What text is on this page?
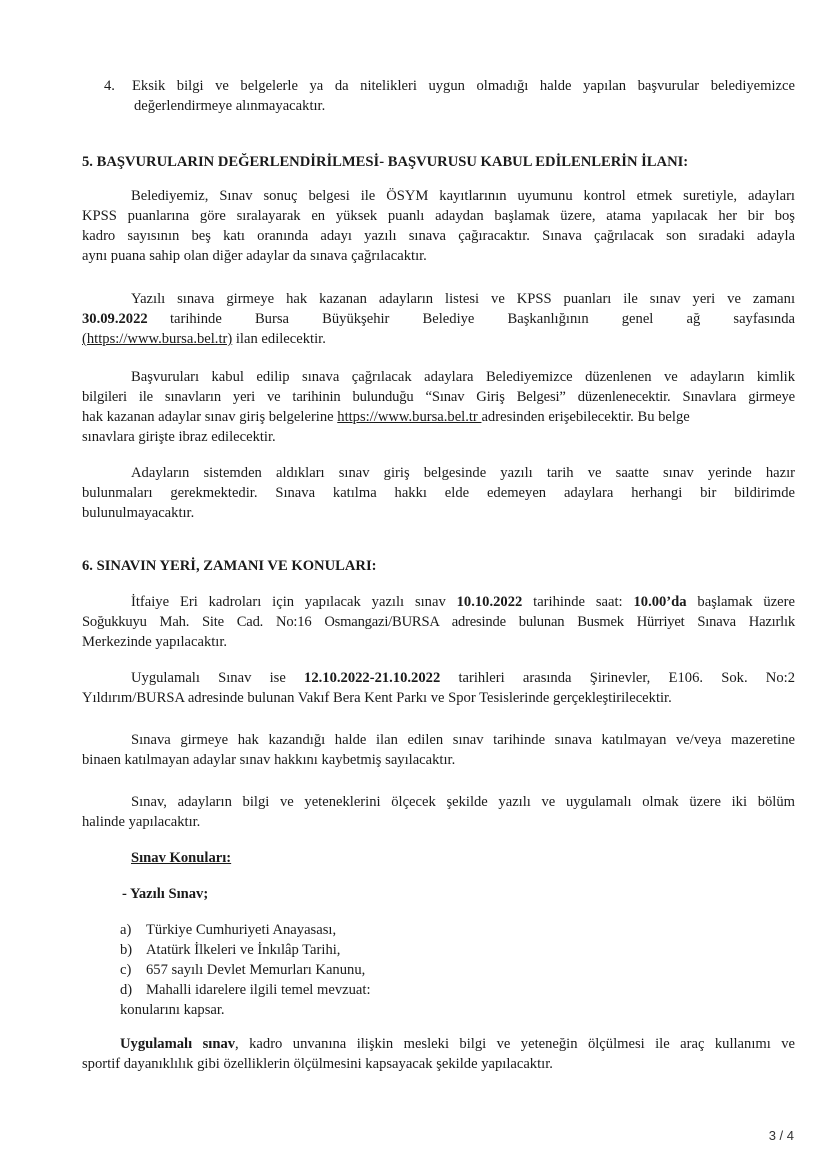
4. Eksik bilgi ve belgelerle ya da nitelikleri uygun olmadığı halde yapılan başvurular belediyemizce
değerlendirmeye alınmayacaktır.
5. BAŞVURULARIN DEĞERLENDİRİLMESİ- BAŞVURUSU KABUL EDİLENLERİN İLANI:
Belediyemiz, Sınav sonuç belgesi ile ÖSYM kayıtlarının uyumunu kontrol etmek suretiyle, adayları
KPSS puanlarına göre sıralayarak en yüksek puanlı adaydan başlamak üzere, atama yapılacak her bir boş
kadro sayısının beş katı oranında adayı yazılı sınava çağıracaktır. Sınava çağrılacak son sıradaki adayla
aynı puana sahip olan diğer adaylar da sınava çağrılacaktır.
Yazılı sınava girmeye hak kazanan adayların listesi ve KPSS puanları ile sınav yeri ve zamanı
30.09.2022 tarihinde Bursa Büyükşehir Belediye Başkanlığının genel ağ sayfasında
(https://www.bursa.bel.tr) ilan edilecektir.
Başvuruları kabul edilip sınava çağrılacak adaylara Belediyemizce düzenlenen ve adayların kimlik
bilgileri ile sınavların yeri ve tarihinin bulunduğu “Sınav Giriş Belgesi” düzenlenecektir. Sınavlara girmeye
hak kazanan adaylar sınav giriş belgelerine https://www.bursa.bel.tr adresinden erişebilecektir. Bu belge
sınavlara girişte ibraz edilecektir.
Adayların sistemden aldıkları sınav giriş belgesinde yazılı tarih ve saatte sınav yerinde hazır
bulunmaları gerekmektedir. Sınava katılma hakkı elde edemeyen adaylara herhangi bir bildirimde
bulunulmayacaktır.
6. SINAVIN YERİ, ZAMANI VE KONULARI:
İtfaiye Eri kadroları için yapılacak yazılı sınav 10.10.2022 tarihinde saat: 10.00’da başlamak üzere
Soğukkuyu Mah. Site Cad. No:16 Osmangazi/BURSA adresinde bulunan Busmek Hürriyet Sınava Hazırlık
Merkezinde yapılacaktır.
Uygulamalı Sınav ise 12.10.2022-21.10.2022 tarihleri arasında Şirinevler, E106. Sok. No:2
Yıldırım/BURSA adresinde bulunan Vakıf Bera Kent Parkı ve Spor Tesislerinde gerçekleştirilecektir.
Sınava girmeye hak kazandığı halde ilan edilen sınav tarihinde sınava katılmayan ve/veya mazeretine
binaen katılmayan adaylar sınav hakkını kaybetmiş sayılacaktır.
Sınav, adayların bilgi ve yeteneklerini ölçecek şekilde yazılı ve uygulamalı olmak üzere iki bölüm
halinde yapılacaktır.
Sınav Konuları:
- Yazılı Sınav;
a) Türkiye Cumhuriyeti Anayasası,
b) Atatürk İlkeleri ve İnkılâp Tarihi,
c) 657 sayılı Devlet Memurları Kanunu,
d) Mahalli idarelere ilgili temel mevzuat:
konularını kapsar.
Uygulamalı sınav, kadro unvanına ilişkin mesleki bilgi ve yeteneğin ölçülmesi ile araç kullanımı ve
sportif dayanıklılık gibi özelliklerin ölçülmesini kapsayacak şekilde yapılacaktır.
3 / 4
